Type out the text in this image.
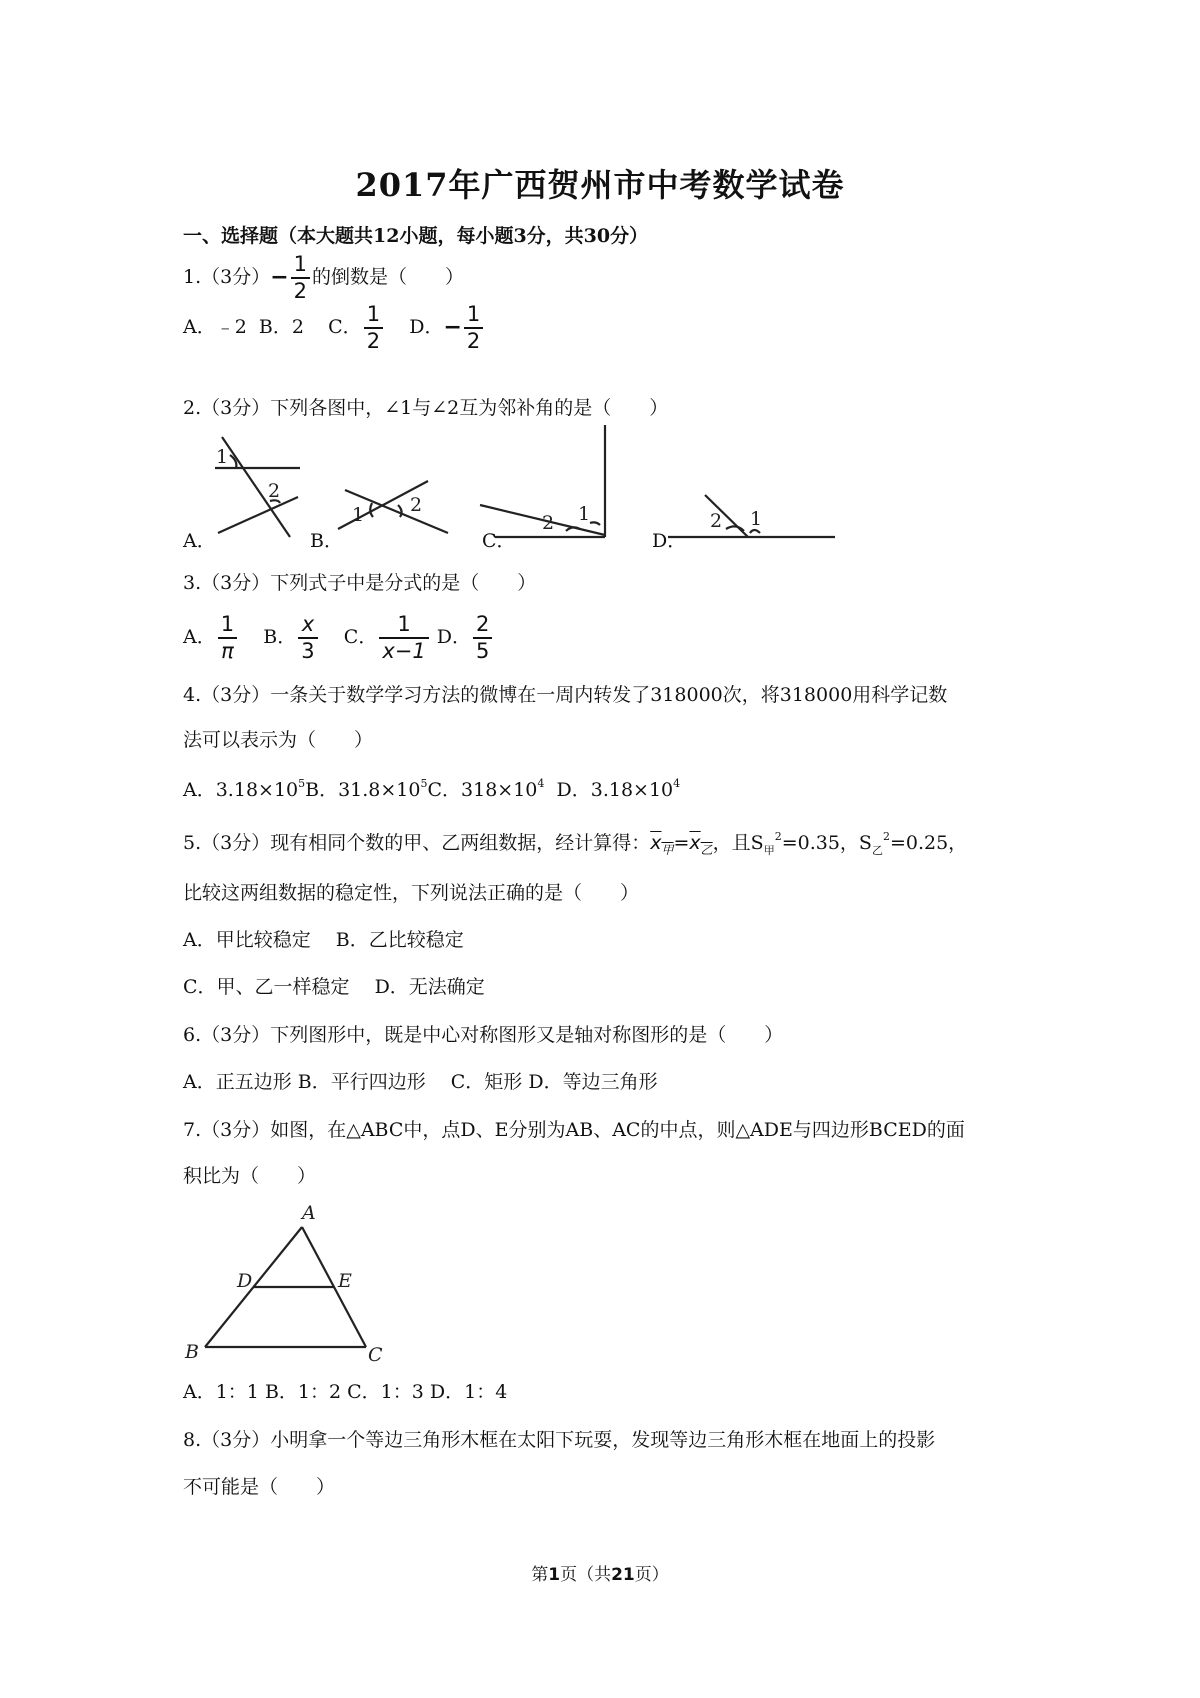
2017年广西贺州市中考数学试卷
一、选择题（本大题共12小题，每小题3分，共30分）
1.（3分）− $\frac{1}{2}$ 的倒数是（　　）
A．﹣2 B．2 C． $\frac{1}{2}$ D．− $\frac{1}{2}$
2.（3分）下列各图中，∠1与∠2互为邻补角的是（　　）
1
2
1 2	1
2	1
2
A．	B．	C．	D．
3.（3分）下列式子中是分式的是（　　）
A． $\frac{1}{\pi}$ B． $\frac{x}{3}$ C． $\frac{1}{x-1}$ D． $\frac{2}{5}$
4.（3分）一条关于数学学习方法的微博在一周内转发了318000次，将318000用科学记数
法可以表示为（　　）
A．$3.18\times 10^5B$．$31.8\times 10^5C$．$318\times 10^4$ D．$3.18\times 10^4$
5.（3分）现有相同个数的甲、乙两组数据，经计算得：$x_甲=x_乙$，且$S_甲^2=0.35$，$S_乙^2=0.25$，
比较这两组数据的稳定性，下列说法正确的是（　　）
A．甲比较稳定　 B．乙比较稳定
C．甲、乙一样稳定　 D．无法确定
6.（3分）下列图形中，既是中心对称图形又是轴对称图形的是（　　）
A．正五边形 B．平行四边形　 C．矩形 D．等边三角形
7.（3分）如图，在△ABC中，点D、E分别为AB、AC的中点，则△ADE与四边形BCED的面
积比为（　　）
A
D	E
B	C
A．1：1 B．1：2 C．1：3 D．1：4
8.（3分）小明拿一个等边三角形木框在太阳下玩耍，发现等边三角形木框在地面上的投影
不可能是（　　）
第1页（共21页）
